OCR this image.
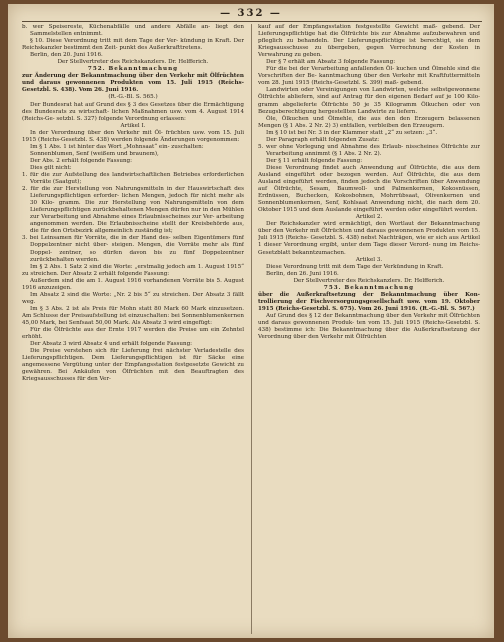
— 332 —

b. wer Speisereste, Küchenabfälle und andere Abfälle an- liegt den Sammelstellen entnimmt.

§ 10. Diese Verordnung tritt mit dem Tage der Ver- kündung in Kraft. Der Reichskanzler bestimmt den Zeit- punkt des Außerkrafttretens.

Berlin, den 20. Juni 1916.

Der Stellvertreter des Reichskanzlers. Dr. Helfferich.

752. Bekanntmachung

zur Änderung der Bekanntmachung über den Verkehr mit Ölfrüchten und daraus gewonnenen Produkten vom 15. Juli 1915 (Reichs-Gesetzbl. S. 438). Vom 26. Juni 1916.

(R.-G.-Bl. S. 565.)

Der Bundesrat hat auf Grund des § 3 des Gesetzes über die Ermächtigung des Bundesrats zu wirtschaft- lichen Maßnahmen usw. vom 4. August 1914 (Reichs-Ge- setzbl. S. 327) folgende Verordnung erlassen:

Artikel I.

In der Verordnung über den Verkehr mit Öl- früchten usw. vom 15. Juli 1915 (Reichs-Gesetzbl. S. 438) werden folgende Änderungen vorgenommen:

Im § 1 Abs. 1 ist hinter das Wort „Mohnsaat“ ein- zuschalten:

Sonnenblumen, Senf (weißem und braunem),

Der Abs. 2 erhält folgende Fassung:

Dies gilt nicht:

1. für die zur Aufstellung des landwirtschaftlichen Betriebes erforderlichen Vorräte (Saatgut);

2. für die zur Herstellung von Nahrungsmitteln in der Hauswirtschaft des Lieferungspflichtigen erforder- lichen Mengen, jedoch für nicht mehr als 30 Kilo- gramm. Die zur Herstellung von Nahrungsmitteln von dem Lieferungspflichtigen zurückbehaltenen Mengen dürfen nur in den Mühlen zur Verarbeitung und Abnahme eines Erlaubnisscheines zur Ver- arbeitung angenommen werden. Die Erlaubnisscheine stellt der Kreisbehörde aus, die für den Ortsbezirk allgemeinlich zuständig ist;

3. bei Leinsamen für Vorräte, die in der Hand des- selben Eigentümers fünf Doppelzentner nicht über- steigen. Mengen, die Vorräte mehr als fünf Doppel- zentner, so dürfen davon bis zu fünf Doppelzentner zurückbehalten werden.

Im § 2 Abs. 1 Satz 2 sind die Worte: „erstmalig jedoch am 1. August 1915“ zu streichen. Der Absatz 2 erhält folgende Fassung:

Außerdem sind die am 1. August 1916 vorhandenen Vorräte bis 5. August 1916 anzuzeigen.

Im Absatz 2 sind die Worte: „Nr. 2 bis 5“ zu streichen. Der Absatz 3 fällt weg.

Im § 3 Abs. 2 ist als Preis für Mohn statt 80 Mark 60 Mark einzusetzen. Am Schlusse der Preisaufstellung ist einzuschalten: bei Sonnenblumenkernen 45,00 Mark, bei Senfsaat 50,00 Mark. Als Absatz 3 wird eingefügt:

Für die Ölfrüchte aus der Ernte 1917 werden die Preise um ein Zehntel erhöht.

Der Absatz 3 wird Absatz 4 und erhält folgende Fassung:

Die Preise verstehen sich für Lieferung frei nächster Verladestelle des Lieferungspflichtigen. Dem Lieferungspflichtigen ist für Säcke eine angemessene Vergütung unter der Empfangsstation festgesetzte Gewicht zu gewähren. Bei Ankäufen von Ölfrüchten mit den Beauftragten des Kriegsausschusses für den Ver-

kauf auf der Empfangsstation festgestellte Gewicht maß- gebend. Der Lieferungspflichtige hat die Ölfrüchte bis zur Abnahme aufzubewahren und pfleglich zu behandeln. Der Lieferungspflichtige ist berechtigt, sie dem Kriegsausschusse zu übergeben, gegen Verrechnung der Kosten in Verwahrung zu geben.

Der § 7 erhält am Absatz 3 folgende Fassung:

Für die bei der Verarbeitung anfallenden Öl- kuchen und Ölmehle sind die Vorschriften der Be- kanntmachung über den Verkehr mit Kraftfuttermitteln vom 28. Juni 1915 (Reichs-Gesetzbl. S. 399) maß- gebend.

Landwirten oder Vereinigungen von Landwirten, welche selbstgewonnene Ölfrüchte abliefern, sind auf Antrag für den eigenen Bedarf auf je 100 Kilo- gramm abgelieferte Ölfrüchte 50 je 35 Kilogramm Ölkuchen oder von Bezugsberechtigung hergestellten Landwirte zu liefern.

Öle, Ölkuchen und Ölmehle, die aus den den Erzeugern belassenen Mengen (§ 1 Abs. 2 Nr. 2) 3) entfallen, verbleiben den Erzeugern.

Im § 10 ist bei Nr. 3 in der Klammer statt „2“ zu setzen: „3“.

Der Paragraph erhält folgenden Zusatz:

5. wer ohne Vorlegung und Abnahme des Erlaub- nisscheines Ölfrüchte zur Verarbeitung annimmt (§ 1 Abs. 2 Nr. 2).

Der § 11 erhält folgende Fassung:

Diese Verordnung findet auch Anwendung auf Ölfrüchte, die aus dem Ausland eingeführt oder bezogen werden. Auf Ölfrüchte, die aus dem Ausland eingeführt werden, finden jedoch die Vorschriften über Anwendung auf Ölfrüchte, Sesam, Baumwoll- und Palmenkernen, Kokosnüssen, Erdnüssen, Buchecken, Kokosbohnen, Mohrrübsaat, Olivenkernen und Sonnenblumenkernen, Senf, Kohlsaat Anwendung nicht, die nach dem 20. Oktober 1915 und dem Auslande eingeführt werden oder eingeführt werden.

Artikel 2.

Der Reichskanzler wird ermächtigt, den Wortlaut der Bekanntmachung über den Verkehr mit Ölfrüchten und daraus gewonnenen Produkten vom 15. Juli 1915 (Reichs- Gesetzbl. S. 438) nebst Nachträgen, wie er sich aus Artikel 1 dieser Verordnung ergibt, unter dem Tage dieser Verord- nung im Reichs-Gesetzblatt bekanntzumachen.

Artikel 3.

Diese Verordnung tritt mit dem Tage der Verkündung in Kraft.

Berlin, den 26. Juni 1916.

Der Stellvertreter des Reichskanzlers. Dr. Helfferich.

753. Bekanntmachung

über die Außerkraftsetzung der Bekanntmachung über Kon- trollierung der Fischversorgungsgesellschaft usw. vom 19. Oktober 1915 (Reichs-Gesetzbl. S. 675). Vom 26. Juni 1916. (R.-G.-Bl. S. 567.)

Auf Grund des § 12 der Bekanntmachung über den Verkehr mit Ölfrüchten und daraus gewonnenen Produk- ten vom 15. Juli 1915 (Reichs-Gesetzbl. S. 438) bestimme ich: Die Bekanntmachung über die Außerkraftsetzung der Verordnung über den Verkehr mit Ölfrüchten
